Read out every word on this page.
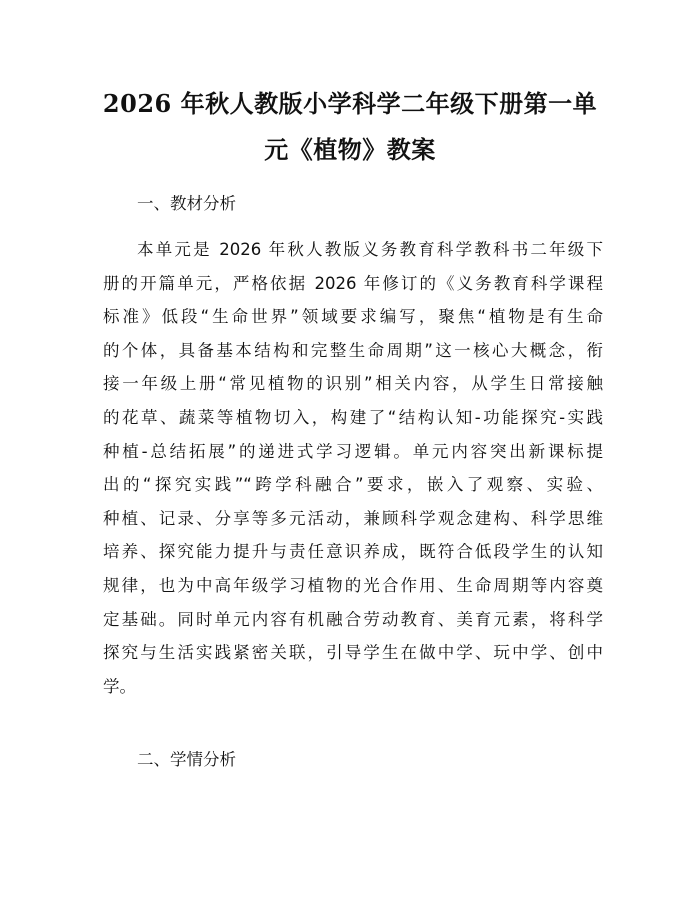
2026 年秋人教版小学科学二年级下册第一单
元《植物》教案

一、教材分析

本单元是 2026 年秋人教版义务教育科学教科书二年级下
册的开篇单元，严格依据 2026 年修订的《义务教育科学课程
标准》低段“生命世界”领域要求编写，聚焦“植物是有生命
的个体，具备基本结构和完整生命周期”这一核心大概念，衔
接一年级上册“常见植物的识别”相关内容，从学生日常接触
的花草、蔬菜等植物切入，构建了“结构认知-功能探究-实践
种植-总结拓展”的递进式学习逻辑。单元内容突出新课标提
出的“探究实践”“跨学科融合”要求，嵌入了观察、实验、
种植、记录、分享等多元活动，兼顾科学观念建构、科学思维
培养、探究能力提升与责任意识养成，既符合低段学生的认知
规律，也为中高年级学习植物的光合作用、生命周期等内容奠
定基础。同时单元内容有机融合劳动教育、美育元素，将科学
探究与生活实践紧密关联，引导学生在做中学、玩中学、创中
学。

二、学情分析
